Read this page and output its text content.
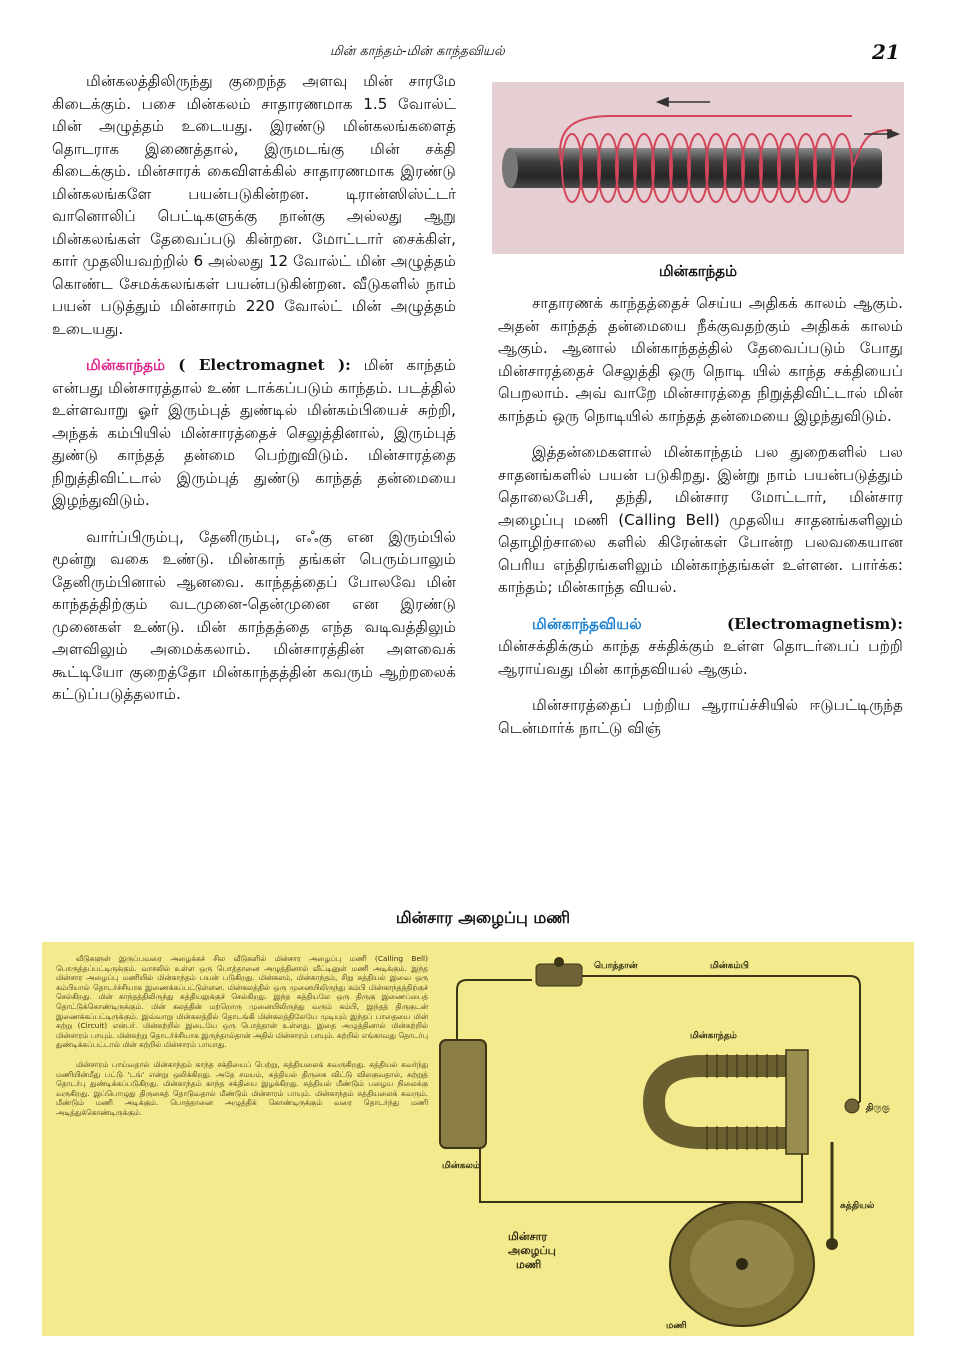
மின் காந்தம்-மின் காந்தவியல்	21

மின்கலத்திலிருந்து குறைந்த அளவு மின் சாரமே கிடைக்கும். பசை மின்கலம் சாதாரணமாக 1.5 வோல்ட் மின் அழுத்தம் உடையது. இரண்டு மின்கலங்களைத் தொடராக இணைத்தால், இருமடங்கு மின் சக்தி கிடைக்கும். மின்சாரக் கைவிளக்கில் சாதாரணமாக இரண்டு மின்கலங்களே பயன்படுகின்றன. டிரான்ஸிஸ்ட்டர் வானொலிப் பெட்டிகளுக்கு நான்கு அல்லது ஆறு மின்கலங்கள் தேவைப்படு கின்றன. மோட்டார் சைக்கிள், கார் முதலியவற்றில் 6 அல்லது 12 வோல்ட் மின் அழுத்தம் கொண்ட சேமக்கலங்கள் பயன்படுகின்றன. வீடுகளில் நாம் பயன் படுத்தும் மின்சாரம் 220 வோல்ட் மின் அழுத்தம் உடையது.

மின்காந்தம் ( Electromagnet ): மின் காந்தம் என்பது மின்சாரத்தால் உண் டாக்கப்படும் காந்தம். படத்தில் உள்ளவாறு ஓர் இரும்புத் துண்டில் மின்கம்பியைச் சுற்றி, அந்தக் கம்பியில் மின்சாரத்தைச் செலுத்தினால், இரும்புத் துண்டு காந்தத் தன்மை பெற்றுவிடும். மின்சாரத்தை நிறுத்திவிட்டால் இரும்புத் துண்டு காந்தத் தன்மையை இழந்துவிடும்.

வார்ப்பிரும்பு, தேனிரும்பு, எஃகு என இரும்பில் மூன்று வகை உண்டு. மின்காந் தங்கள் பெரும்பாலும் தேனிரும்பினால் ஆனவை. காந்தத்தைப் போலவே மின் காந்தத்திற்கும் வடமுனை-தென்முனை என இரண்டு முனைகள் உண்டு. மின் காந்தத்தை எந்த வடிவத்திலும் அளவிலும் அமைக்கலாம். மின்சாரத்தின் அளவைக் கூட்டியோ குறைத்தோ மின்காந்தத்தின் கவரும் ஆற்றலைக் கட்டுப்படுத்தலாம்.

மின்காந்தம்

சாதாரணக் காந்தத்தைச் செய்ய அதிகக் காலம் ஆகும். அதன் காந்தத் தன்மையை நீக்குவதற்கும் அதிகக் காலம் ஆகும். ஆனால் மின்காந்தத்தில் தேவைப்படும் போது மின்சாரத்தைச் செலுத்தி ஒரு நொடி யில் காந்த சக்தியைப் பெறலாம். அவ் வாறே மின்சாரத்தை நிறுத்திவிட்டால் மின் காந்தம் ஒரு நொடியில் காந்தத் தன்மையை இழந்துவிடும்.

இத்தன்மைகளால் மின்காந்தம் பல துறைகளில் பல சாதனங்களில் பயன் படுகிறது. இன்று நாம் பயன்படுத்தும் தொலைபேசி, தந்தி, மின்சார மோட்டார், மின்சார அழைப்பு மணி (Calling Bell) முதலிய சாதனங்களிலும் தொழிற்சாலை களில் கிரேன்கள் போன்ற பலவகையான பெரிய எந்திரங்களிலும் மின்காந்தங்கள் உள்ளன. பார்க்க: காந்தம்; மின்காந்த வியல்.

மின்காந்தவியல்	(Electromagnetism): மின்சக்திக்கும் காந்த சக்திக்கும் உள்ள தொடர்பைப் பற்றி ஆராய்வது மின் காந்தவியல் ஆகும்.

மின்சாரத்தைப் பற்றிய ஆராய்ச்சியில் ஈடுபட்டிருந்த டென்மார்க் நாட்டு விஞ்

மின்சார அழைப்பு மணி

வீடுகளுள் இருப்பவரை அழைக்கச் சில வீடுகளில் மின்சார அழைப்பு மணி (Calling Bell) பொருத்தப்பட்டிருக்கும். வாசலில் உள்ள ஒரு பொத்தானை அழுத்தினால் வீட்டினுள் மணி அடிக்கும். இந்த மின்சார அழைப்பு மணியில் மின்காந்தம் பயன் படுகிறது. மின்கலம், மின்காந்தம், சிறு சுத்தியல் இவை ஒரு கம்பியால் தொடர்ச்சியாக இணைக்கப்பட்டுள்ளன. மின்கலத்தில் ஒரு முனையிலிருந்து கம்பி மின்காந்தத்திற்குச் செல்கிறது. மின் காந்தத்திலிருந்து சுத்தியலுக்குச் செல்கிறது. இந்த சுத்தியலே ஒரு திருகு இணைப்பைத் தொட்டுக்கொண்டிருக்கும். மின் கலத்தின் மற்றொரு முனையிலிருந்து வரும் கம்பி, இந்தத் திருகுடன் இணைக்கப்பட்டிருக்கும். இவ்வாறு மின்கலத்தில் தொடங்கி மின்கலத்திலேயே முடியும் இந்தப் பாதையை மின் சுற்று (Circuit) என்பர். மின்சுற்றில் இடையே ஒரு பொத்தான் உள்ளது. இதை அழுத்தினால் மின்சுற்றில் மின்சாரம் பாயும். மின்சுற்று தொடர்ச்சியாக இருந்தால்தான் அதில் மின்சாரம் பாயும். சுற்றில் எங்காவது தொடர்பு துண்டிக்கப்பட்டால் மின் சுற்றில் மின்சாரம் பாயாது.

மின்சாரம் பாய்வதால் மின்காந்தம் காந்த சக்தியைப் பெற்று, சுத்தியலைக் கவருகிறது. சுத்தியல் கவர்ந்து மணியின்மீது பட்டு 'டங்' என்று ஒலிக்கிறது. அதே சமயம், சுத்தியல் திருகை விட்டு விலகுவதால், சுற்றுத் தொடர்பு துண்டிக்கப்படுகிறது. மின்காந்தம் காந்த சக்தியை இழக்கிறது. சுத்தியல் மீண்டும் பழைய நிலைக்கு வருகிறது. இப்பொழுது திருகைத் தொடுவதால் மீண்டும் மின்சாரம் பாயும். மின்காந்தம் சுத்தியலைக் கவரும். மீண்டும் மணி அடிக்கும். பொத்தானை அழுத்திக் கொண்டிருக்கும் வரை தொடர்ந்து மணி அடித்துக்கொண்டிருக்கும்.

பொத்தான்	மின்கம்பி
மின்காந்தம்
மின்கலம்
திருகு
சுத்தியல்
மின்சார
அழைப்பு
மணி
மணி
